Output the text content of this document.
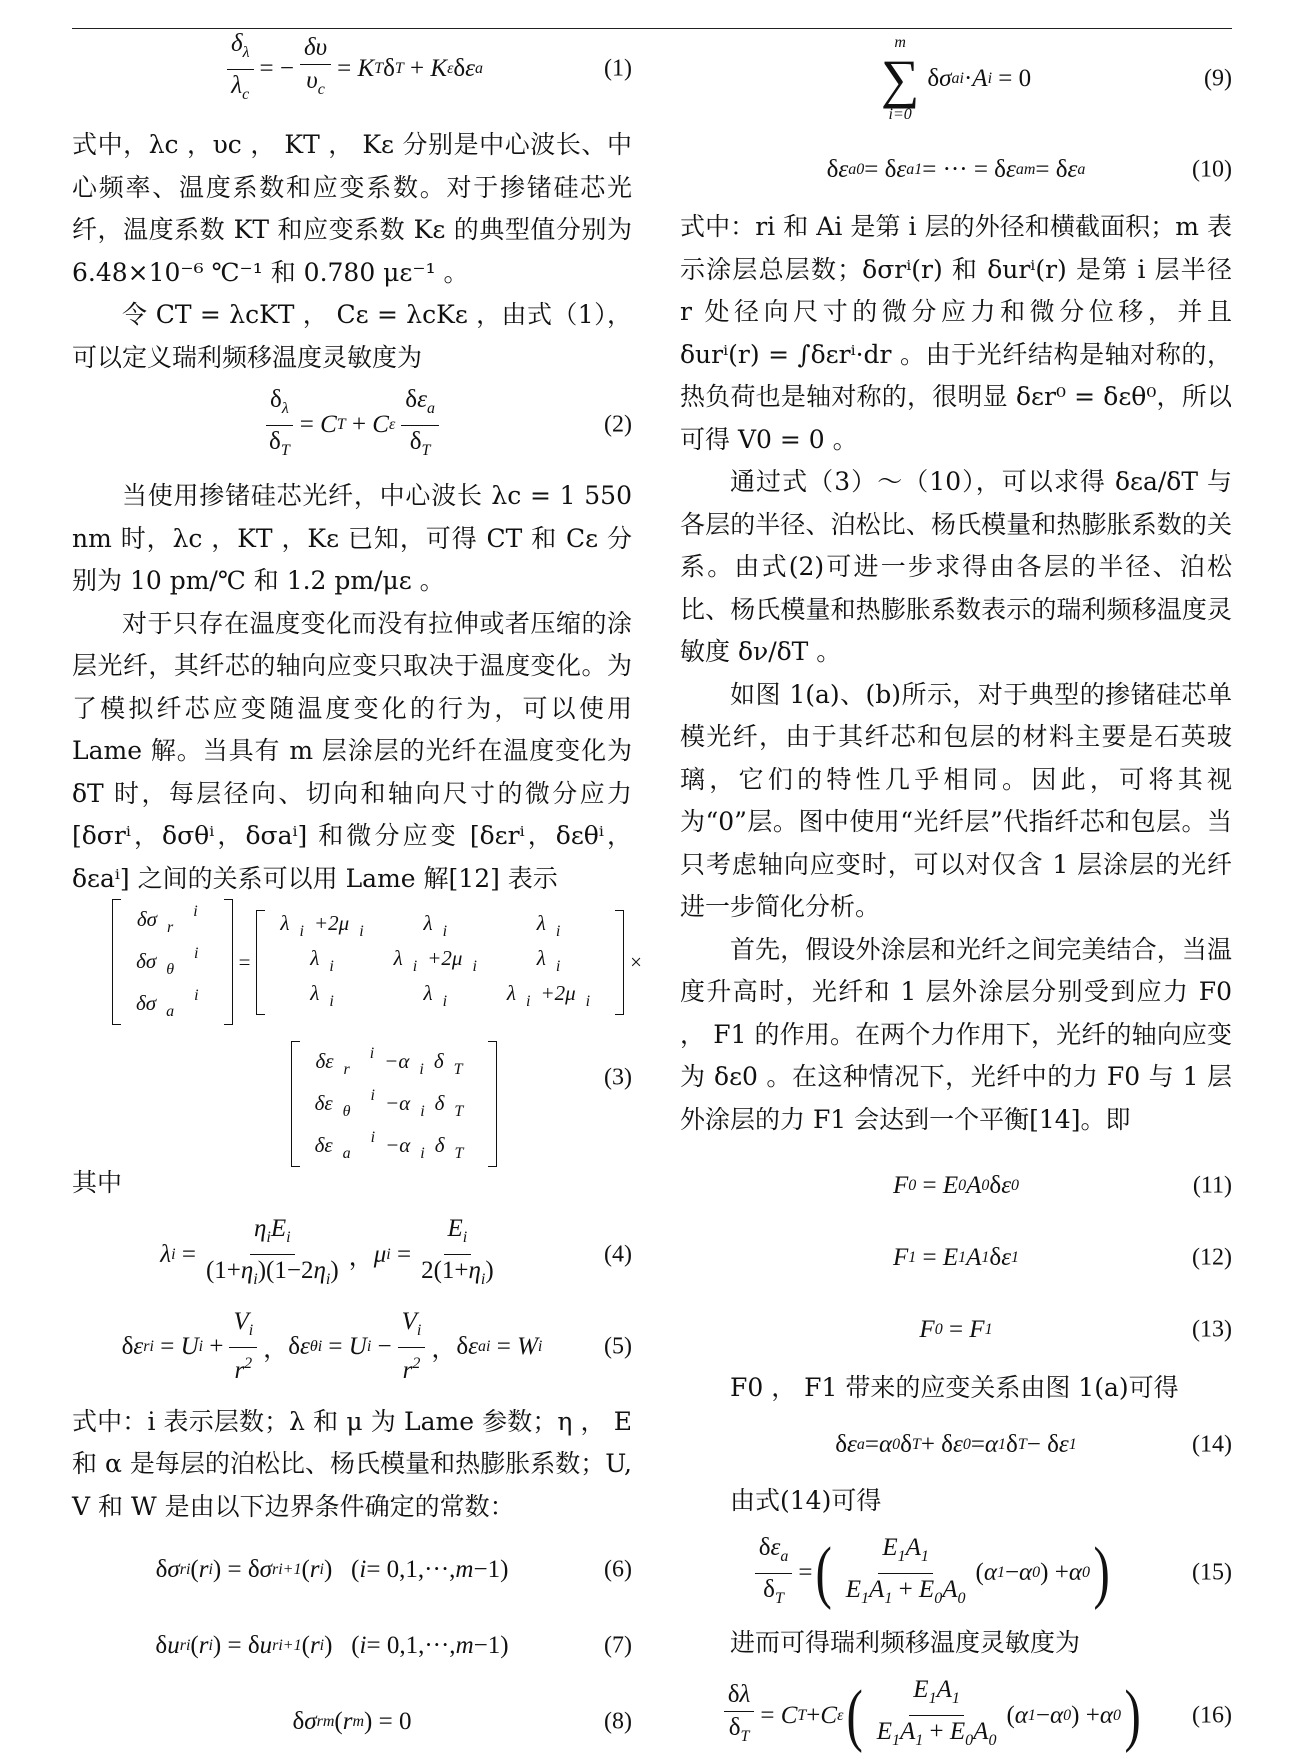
$\frac{\delta_\lambda}{\lambda_c}$ =
− $\frac{\delta\upsilon}{\upsilon_c} = K$ T δ T
+ K ε δ ε a	(1)

式中，λc ，υc ， KT ， Kε 分别是中心波长、中心频率、温度系数和应变系数。对于掺锗硅芯光纤，温度系数 KT 和应变系数 Kε 的典型值分别为 6.48×10⁻⁶ ℃⁻¹ 和 0.780 με⁻¹ 。

令 CT = λcKT ， Cε = λcKε ，由式（1），可以定义瑞利频移温度灵敏度为

$\frac{\delta_\lambda}{\delta_T} = C$ T
+ C ε $\frac{\delta\varepsilon_a}{\delta_T}$	(2)

当使用掺锗硅芯光纤，中心波长 λc = 1 550 nm 时，λc ，KT ，Kε 已知，可得 CT 和 Cε 分别为 10 pm/℃ 和 1.2 pm/με 。

对于只存在温度变化而没有拉伸或者压缩的涂层光纤，其纤芯的轴向应变只取决于温度变化。为了模拟纤芯应变随温度变化的行为，可以使用 Lame 解。当具有 m 层涂层的光纤在温度变化为 δT 时，每层径向、切向和轴向尺寸的微分应力 [δσrⁱ，δσθⁱ，δσaⁱ] 和微分应变 [δεrⁱ，δεθⁱ，δεaⁱ] 之间的关系可以用 Lame 解[12] 表示

δσ $_r^i$
δσ $_\theta^i$
δσ $_a^i$
=
λ $_i$ +2μ $_i$	λ $_i$	λ $_i$
λ $_i$	λ $_i$ +2μ $_i$	λ $_i$
λ $_i$	λ $_i$	λ $_i$ +2μ $_i$
×
δε $_r^i$ −α $_i$ δ $_T$
δε $_\theta^i$ −α $_i$ δ $_T$
δε $_a^i$ −α $_i$ δ $_T$
(3)

其中

λ i
= $\frac{\eta_iE_i}{(1+\eta_i)(1-2\eta_i)}$ ， μ i
= $\frac{E_i}{2(1+\eta_i)}$	(4)
δ ε r i
= U i
+ $\frac{V_i}{r^2}$ ， δ ε θ i
= U i
− $\frac{V_i}{r^2}$ ， δ ε a i
= W i	(5)

式中：i 表示层数；λ 和 μ 为 Lame 参数；η ， E 和 α 是每层的泊松比、杨氏模量和热膨胀系数；U, V 和 W 是由以下边界条件确定的常数：

δ σ r i ( r i ) = δ σ r i+1 ( r i )   ( i = 0,1,···, m −1)	(6)
δ u r i ( r i ) = δ u r i+1 ( r i )   ( i = 0,1,···, m −1)	(7)
δ σ r m ( r m ) = 0	(8)
m
∑
i=0
δ σ a i · A i = 0	(9)
δ ε a 0 = δ ε a 1 = ··· = δ ε a m = δ ε a	(10)

式中：ri 和 Ai 是第 i 层的外径和横截面积；m 表示涂层总层数；δσrⁱ(r) 和 δurⁱ(r) 是第 i 层半径 r 处径向尺寸的微分应力和微分位移，并且 δurⁱ(r) = ∫δεrⁱ·dr 。由于光纤结构是轴对称的，热负荷也是轴对称的，很明显 δεr⁰ = δεθ⁰，所以可得 V0 = 0 。

通过式（3）～（10），可以求得 δεa/δT 与各层的半径、泊松比、杨氏模量和热膨胀系数的关系。由式(2)可进一步求得由各层的半径、泊松比、杨氏模量和热膨胀系数表示的瑞利频移温度灵敏度 δν/δT 。

如图 1(a)、(b)所示，对于典型的掺锗硅芯单模光纤，由于其纤芯和包层的材料主要是石英玻璃，它们的特性几乎相同。因此，可将其视为“0”层。图中使用“光纤层”代指纤芯和包层。当只考虑轴向应变时，可以对仅含 1 层涂层的光纤进一步简化分析。

首先，假设外涂层和光纤之间完美结合，当温度升高时，光纤和 1 层外涂层分别受到应力 F0 ， F1 的作用。在两个力作用下，光纤的轴向应变为 δε0 。在这种情况下，光纤中的力 F0 与 1 层外涂层的力 F1 会达到一个平衡[14]。即

F 0 = E 0 A 0 δ ε 0	(11)
F 1 = E 1 A 1 δ ε 1	(12)
F 0 = F 1	(13)

F0 ， F1 带来的应变关系由图 1(a)可得

δ ε a = α 0 δ T + δ ε 0 = α 1 δ T − δ ε 1	(14)

由式(14)可得

$\frac{\delta\varepsilon_a}{\delta_T}$ = ( $\frac{E_1A_1}{E_1A_1 + E_0A_0}$ ( α 1 − α 0 ) + α 0 )	(15)

进而可得瑞利频移温度灵敏度为

$\frac{\delta\lambda}{\delta_T} = C$ T + C ε ( $\frac{E_1A_1}{E_1A_1 + E_0A_0}$ ( α 1 − α 0 ) + α 0 ) (16)
